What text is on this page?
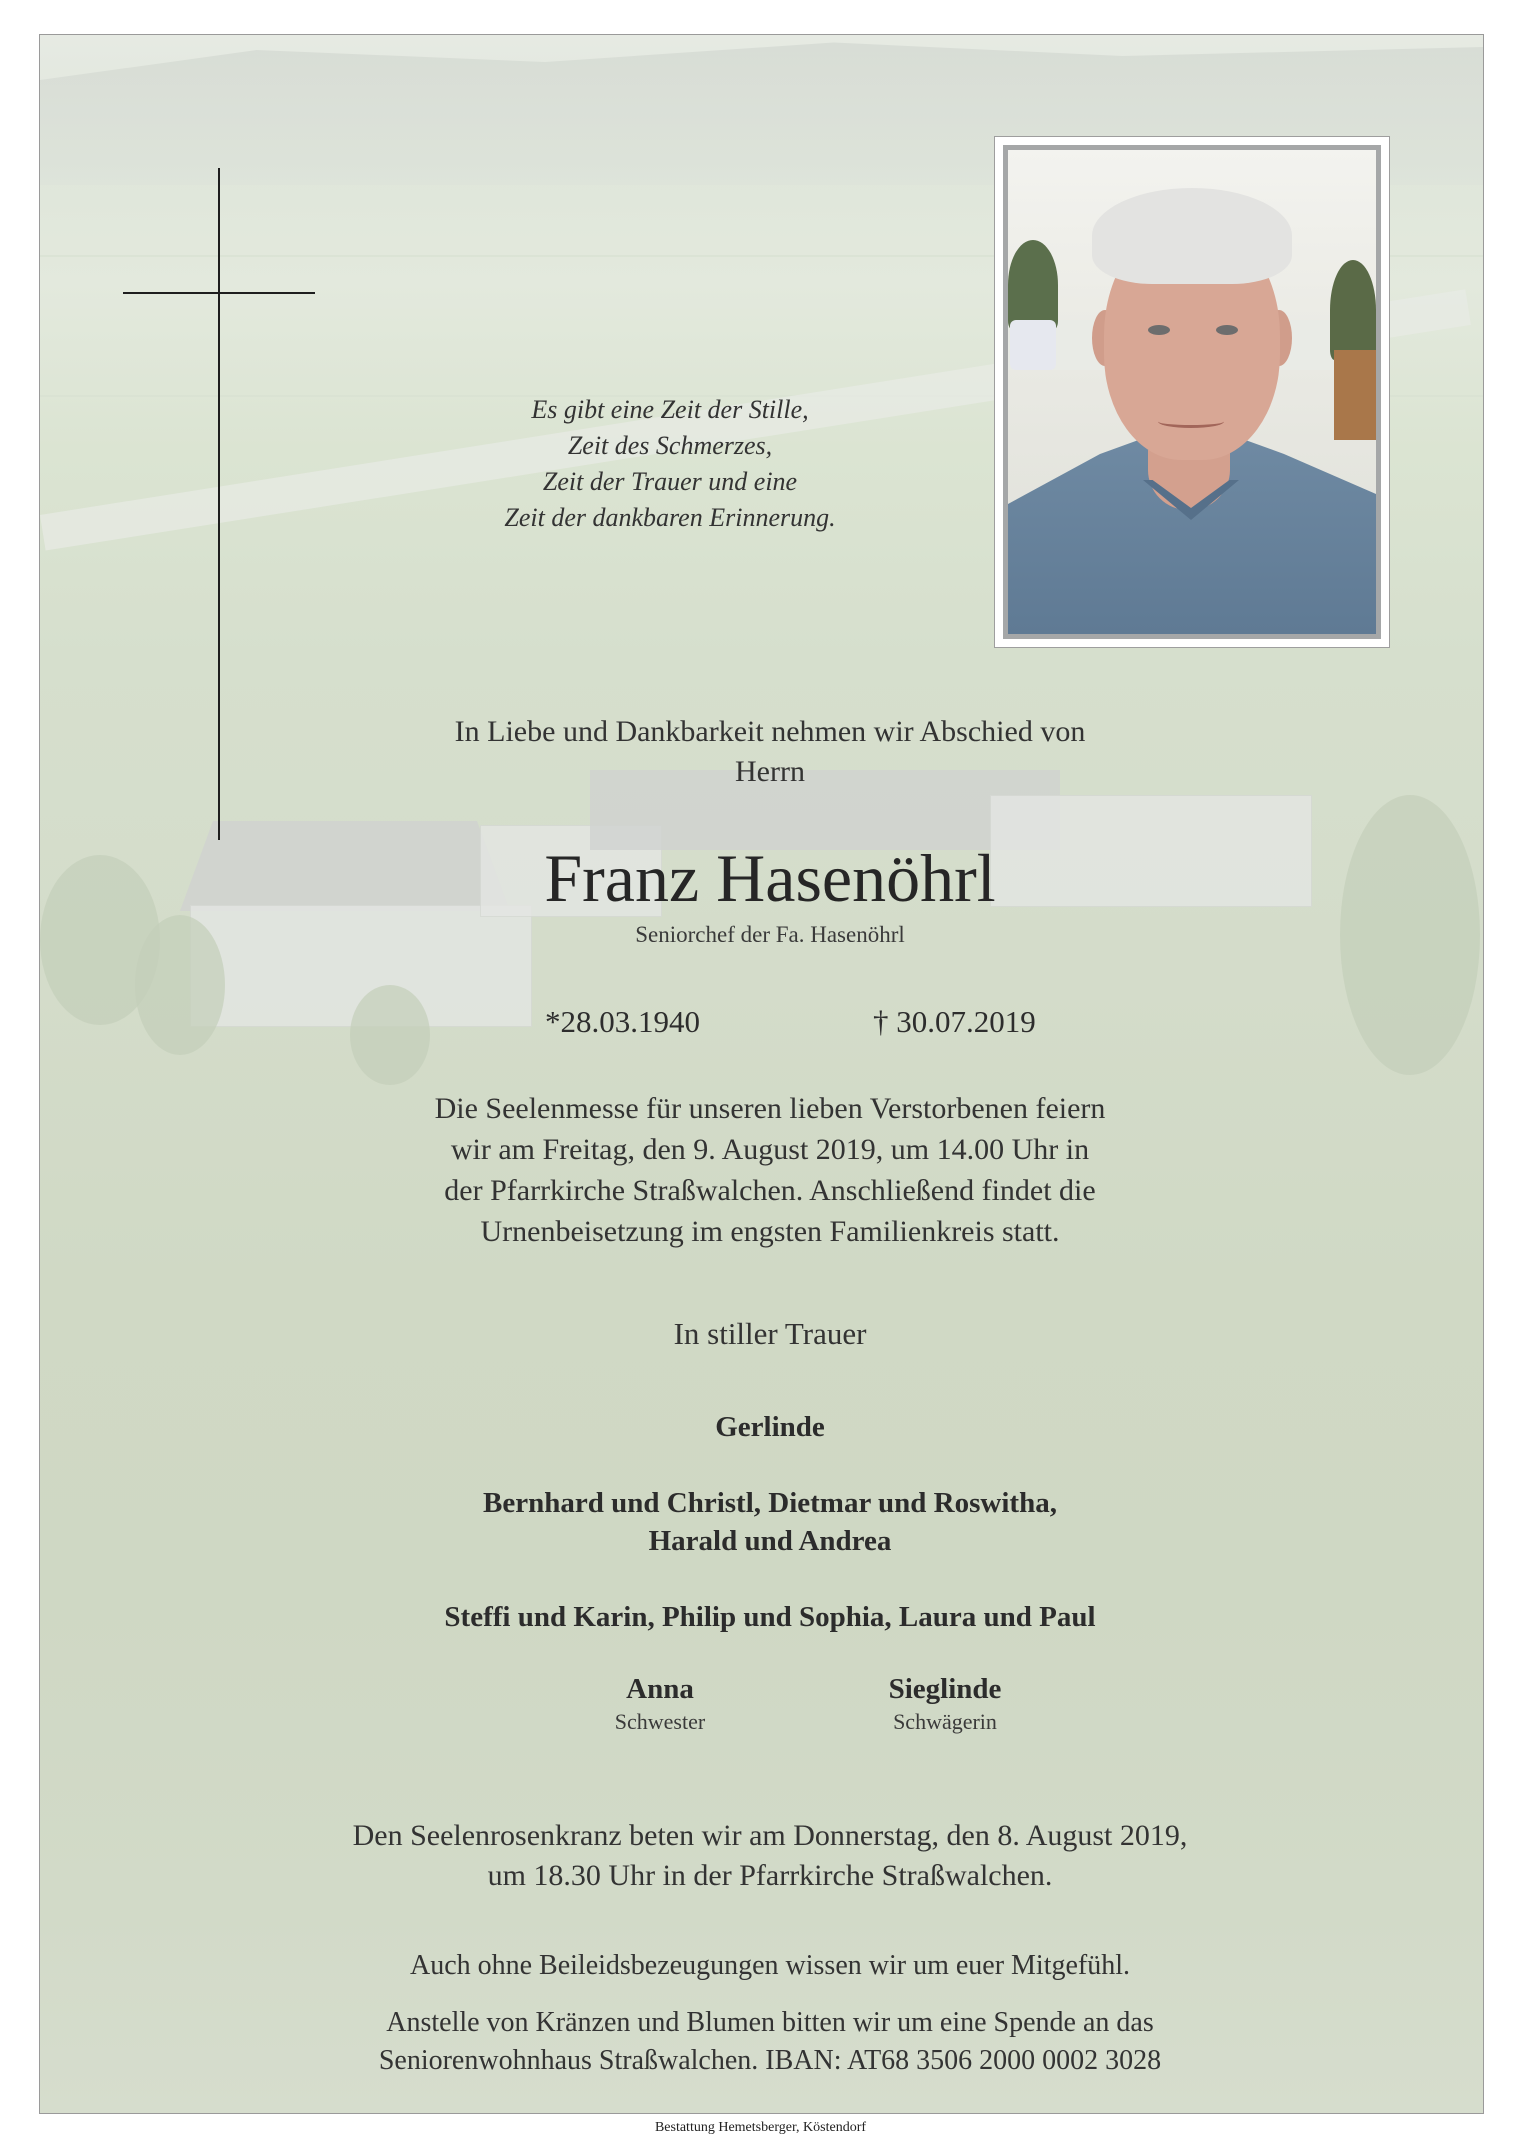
Es gibt eine Zeit der Stille,
Zeit des Schmerzes,
Zeit der Trauer und eine
Zeit der dankbaren Erinnerung.
In Liebe und Dankbarkeit nehmen wir Abschied von
Herrn
Franz Hasenöhrl
Seniorchef der Fa. Hasenöhrl
*28.03.1940	† 30.07.2019
Die Seelenmesse für unseren lieben Verstorbenen feiern
wir am Freitag, den 9. August 2019, um 14.00 Uhr in
der Pfarrkirche Straßwalchen. Anschließend findet die
Urnenbeisetzung im engsten Familienkreis statt.
In stiller Trauer
Gerlinde
Bernhard und Christl, Dietmar und Roswitha,
Harald und Andrea
Steffi und Karin, Philip und Sophia, Laura und Paul
Anna
Schwester
Sieglinde
Schwägerin
Den Seelenrosenkranz beten wir am Donnerstag, den 8. August 2019,
um 18.30 Uhr in der Pfarrkirche Straßwalchen.
Auch ohne Beileidsbezeugungen wissen wir um euer Mitgefühl.
Anstelle von Kränzen und Blumen bitten wir um eine Spende an das
Seniorenwohnhaus Straßwalchen. IBAN: AT68 3506 2000 0002 3028
Bestattung Hemetsberger, Köstendorf
